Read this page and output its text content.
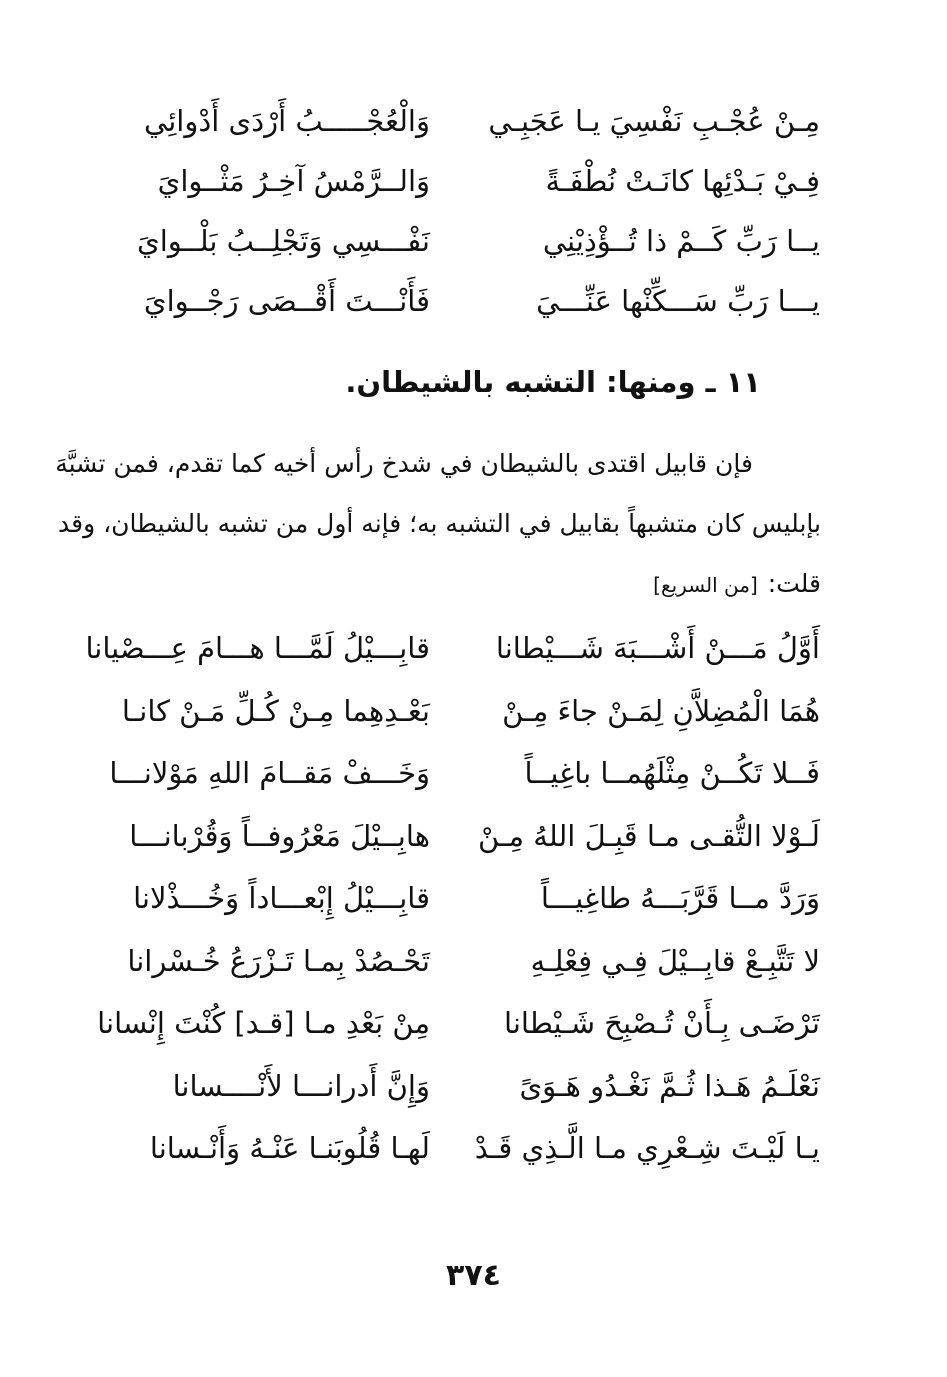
مِـنْ عُجْـبِ نَفْسِيَ يـا عَجَبِـي
وَالْعُجْـــــبُ أَرْدَى أَدْوائِي
فِـيْ بَـدْئِها كانَـتْ نُطْفَـةً
وَالــرَّمْسُ آخِـرُ مَثْــوايَ
يــا رَبِّ كَــمْ ذا تُــؤْذِيْنِي
نَفْـــسِي وَتَجْلِــبُ بَلْــوايَ
يـــا رَبِّ سَـــكِّنْها عَنِّـــيَ
فَأَنْـــتَ أَقْــصَى رَجْــوايَ
١١ ـ ومنها: التشبه بالشيطان.
فإن قابيل اقتدى بالشيطان في شدخ رأس أخيه كما تقدم، فمن تشبَّهَ
بإبليس كان متشبهاً بقابيل في التشبه به؛ فإنه أول من تشبه بالشيطان، وقد
قلت:[من السريع]
أَوَّلُ مَـــنْ أَشْـــبَهَ شَـــيْطانا
قابِـــيْلُ لَمَّـــا هـــامَ عِـــصْيانا
هُمَا الْمُضِلاَّنِ لِمَـنْ جاءَ مِـنْ
بَعْـدِهِما مِـنْ كُـلِّ مَـنْ كانـا
فَــلا تَكُــنْ مِثْلَهُمــا باغِيــاً
وَخَـــفْ مَقــامَ اللهِ مَوْلانـــا
لَـوْلا التُّقـى مـا قَبِـلَ اللهُ مِـنْ
هابِــيْلَ مَعْرُوفــاً وَقُرْبانـــا
وَرَدَّ مــا قَرَّبَـــهُ طاغِيـــاً
قابِـــيْلُ إِبْعـــاداً وَخُـــذْلانا
لا تَتَّبِـعْ قابِــيْلَ فِـي فِعْلِـهِ
تَحْـصُدْ بِمـا تَـزْرَعُ خُـسْرانا
تَرْضَـى بِـأَنْ تُـصْبِحَ شَـيْطانا
مِنْ بَعْدِ مـا [قـد] كُنْتَ إِنْسانا
نَعْلَـمُ هَـذا ثُـمَّ نَغْـدُو هَـوَىً
وَإِنَّ أَدرانـــا لأَنْــــسانا
يـا لَيْـتَ شِـعْرِي مـا الَّـذِي قَـدْ
لَهـا قُلُوبَنـا عَنْـهُ وَأَنْـسانا
٣٧٤
